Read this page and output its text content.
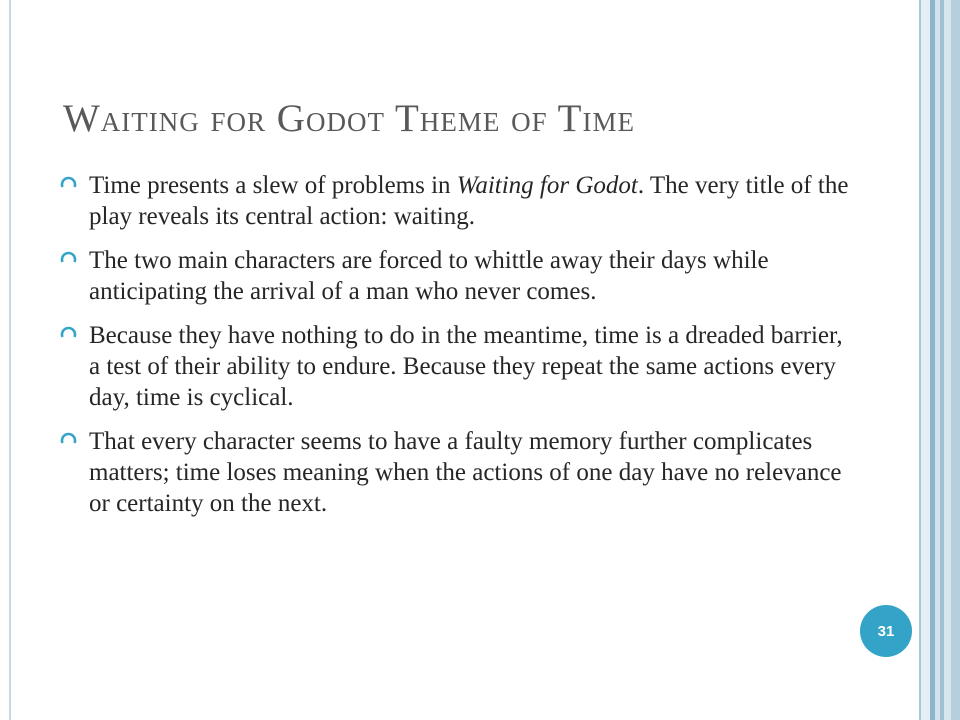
Waiting for Godot Theme of Time
Time presents a slew of problems in Waiting for Godot. The very title of the play reveals its central action: waiting.
The two main characters are forced to whittle away their days while anticipating the arrival of a man who never comes.
Because they have nothing to do in the meantime, time is a dreaded barrier, a test of their ability to endure. Because they repeat the same actions every day, time is cyclical.
That every character seems to have a faulty memory further complicates matters; time loses meaning when the actions of one day have no relevance or certainty on the next.
31
